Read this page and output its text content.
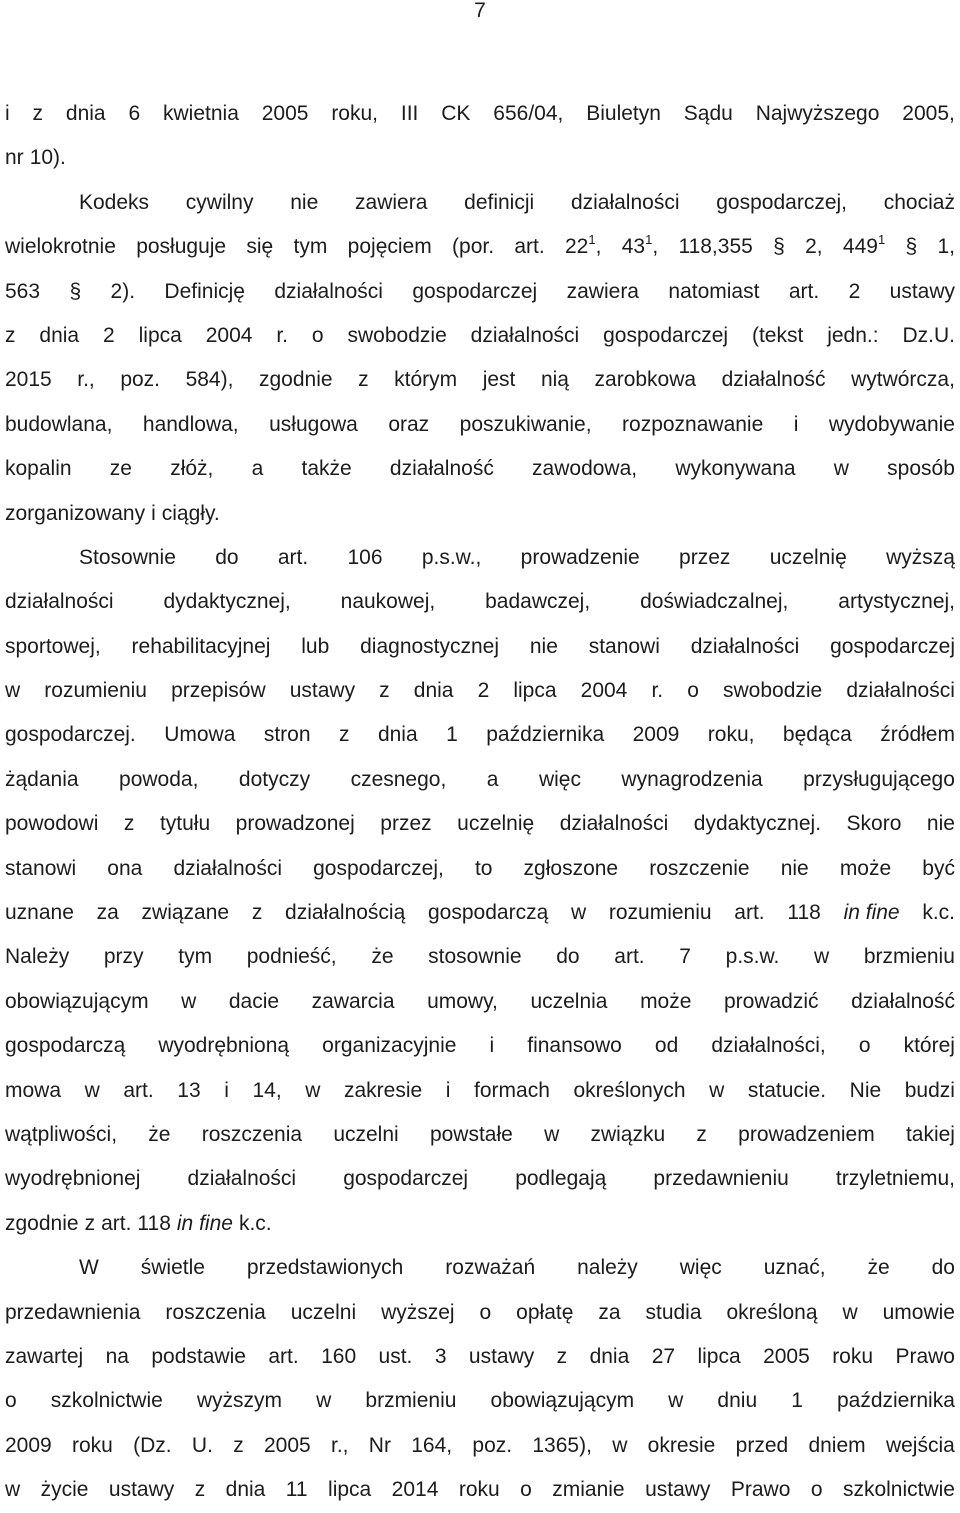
7
i z dnia 6 kwietnia 2005 roku, III CK 656/04, Biuletyn Sądu Najwyższego 2005,
nr 10).
Kodeks cywilny nie zawiera definicji działalności gospodarczej, chociaż
wielokrotnie posługuje się tym pojęciem (por. art. $22^1$, $43^1$, 118,355 § 2, $449^1$ § 1,
563 § 2). Definicję działalności gospodarczej zawiera natomiast art. 2 ustawy
z dnia 2 lipca 2004 r. o swobodzie działalności gospodarczej (tekst jedn.: Dz.U.
2015 r., poz. 584), zgodnie z którym jest nią zarobkowa działalność wytwórcza,
budowlana, handlowa, usługowa oraz poszukiwanie, rozpoznawanie i wydobywanie
kopalin ze złóż, a także działalność zawodowa, wykonywana w sposób
zorganizowany i ciągły.
Stosownie do art. 106 p.s.w., prowadzenie przez uczelnię wyższą
działalności dydaktycznej, naukowej, badawczej, doświadczalnej, artystycznej,
sportowej, rehabilitacyjnej lub diagnostycznej nie stanowi działalności gospodarczej
w rozumieniu przepisów ustawy z dnia 2 lipca 2004 r. o swobodzie działalności
gospodarczej. Umowa stron z dnia 1 października 2009 roku, będąca źródłem
żądania powoda, dotyczy czesnego, a więc wynagrodzenia przysługującego
powodowi z tytułu prowadzonej przez uczelnię działalności dydaktycznej. Skoro nie
stanowi ona działalności gospodarczej, to zgłoszone roszczenie nie może być
uznane za związane z działalnością gospodarczą w rozumieniu art. 118 in fine k.c.
Należy przy tym podnieść, że stosownie do art. 7 p.s.w. w brzmieniu
obowiązującym w dacie zawarcia umowy, uczelnia może prowadzić działalność
gospodarczą wyodrębnioną organizacyjnie i finansowo od działalności, o której
mowa w art. 13 i 14, w zakresie i formach określonych w statucie. Nie budzi
wątpliwości, że roszczenia uczelni powstałe w związku z prowadzeniem takiej
wyodrębnionej działalności gospodarczej podlegają przedawnieniu trzyletniemu,
zgodnie z art. 118 in fine k.c.
W świetle przedstawionych rozważań należy więc uznać, że do
przedawnienia roszczenia uczelni wyższej o opłatę za studia określoną w umowie
zawartej na podstawie art. 160 ust. 3 ustawy z dnia 27 lipca 2005 roku Prawo
o szkolnictwie wyższym w brzmieniu obowiązującym w dniu 1 października
2009 roku (Dz. U. z 2005 r., Nr 164, poz. 1365), w okresie przed dniem wejścia
w życie ustawy z dnia 11 lipca 2014 roku o zmianie ustawy Prawo o szkolnictwie
